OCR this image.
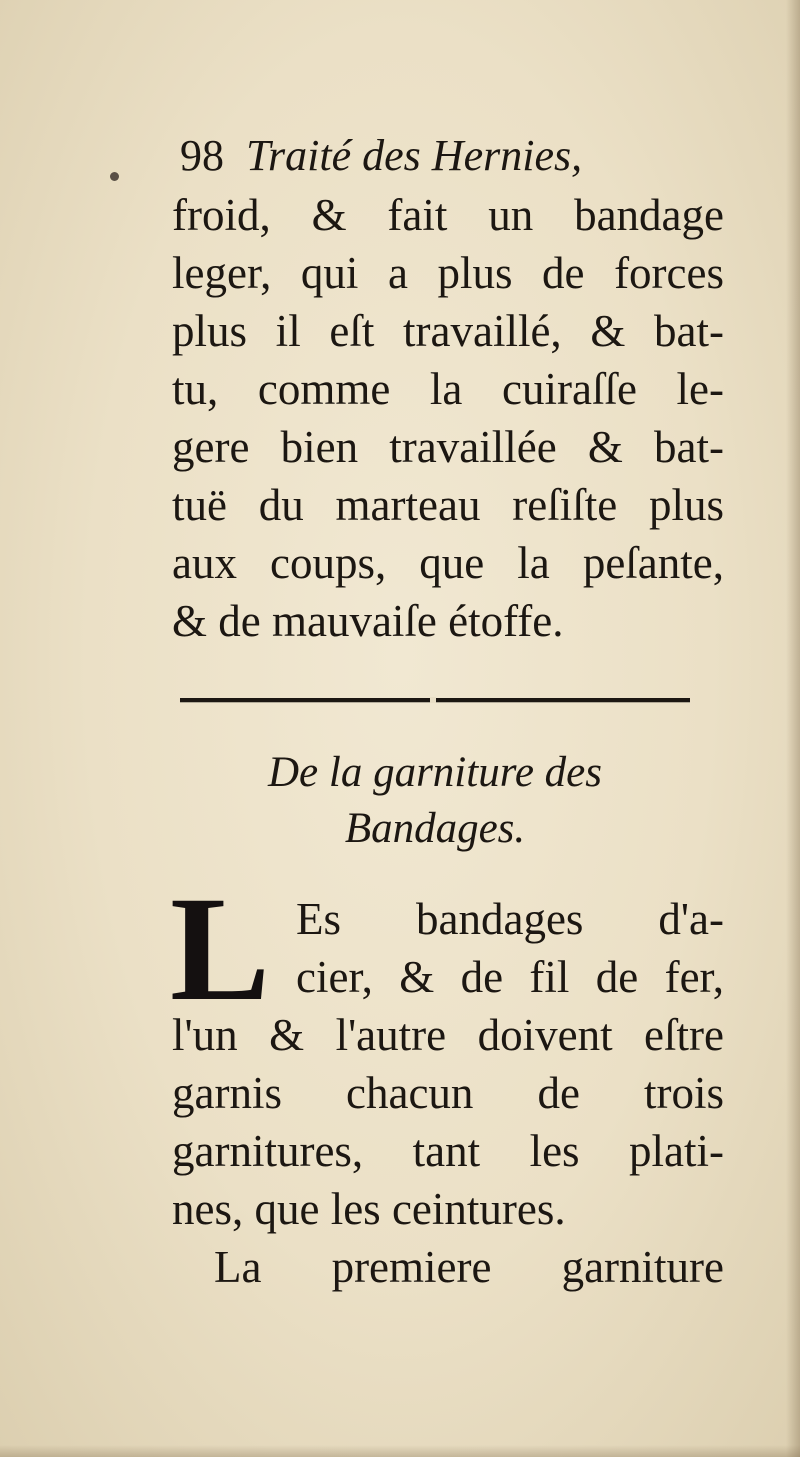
98 Traité des Hernies,
froid, & fait un bandage
leger, qui a plus de forces
plus il eſt travaillé, & bat-
tu, comme la cuiraſſe le-
gere bien travaillée & bat-
tuë du marteau reſiſte plus
aux coups, que la peſante,
& de mauvaiſe étoffe.
De la garniture des
Bandages.
L Es bandages d'a-
cier, & de fil de fer,
l'un & l'autre doivent eſtre
garnis chacun de trois
garnitures, tant les plati-
nes, que les ceintures.
La premiere garniture
